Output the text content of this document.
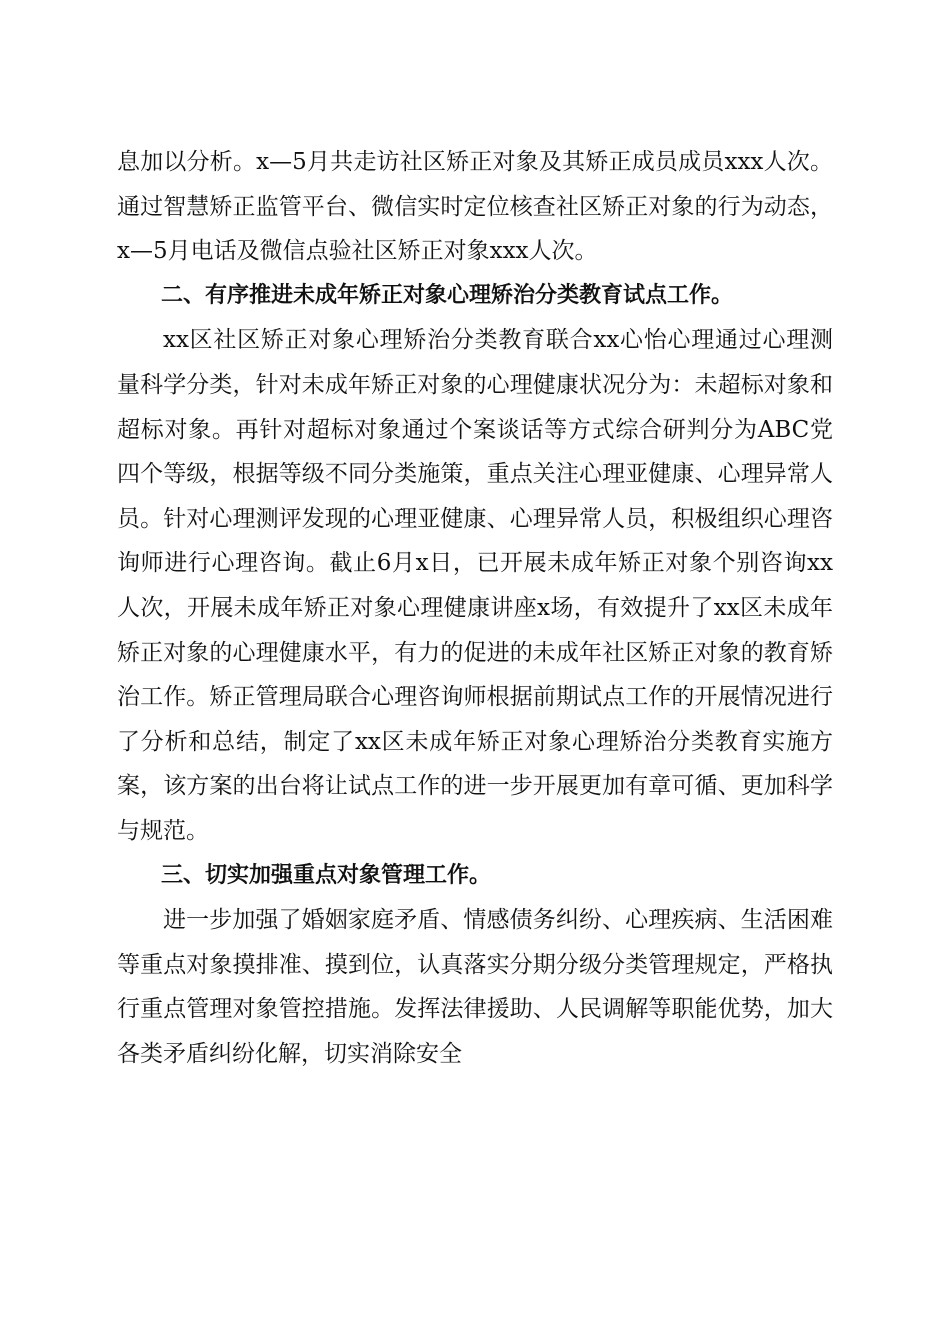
息加以分析。x—5月共走访社区矫正对象及其矫正成员成员xxx人次。通过智慧矫正监管平台、微信实时定位核查社区矫正对象的行为动态，x—5月电话及微信点验社区矫正对象xxx人次。

二、有序推进未成年矫正对象心理矫治分类教育试点工作。

xx区社区矫正对象心理矫治分类教育联合xx心怡心理通过心理测量科学分类，针对未成年矫正对象的心理健康状况分为：未超标对象和超标对象。再针对超标对象通过个案谈话等方式综合研判分为ABC党四个等级，根据等级不同分类施策，重点关注心理亚健康、心理异常人员。针对心理测评发现的心理亚健康、心理异常人员，积极组织心理咨询师进行心理咨询。截止6月x日，已开展未成年矫正对象个别咨询xx人次，开展未成年矫正对象心理健康讲座x场，有效提升了xx区未成年矫正对象的心理健康水平，有力的促进的未成年社区矫正对象的教育矫治工作。矫正管理局联合心理咨询师根据前期试点工作的开展情况进行了分析和总结，制定了xx区未成年矫正对象心理矫治分类教育实施方案，该方案的出台将让试点工作的进一步开展更加有章可循、更加科学与规范。

三、切实加强重点对象管理工作。

进一步加强了婚姻家庭矛盾、情感债务纠纷、心理疾病、生活困难等重点对象摸排准、摸到位，认真落实分期分级分类管理规定，严格执行重点管理对象管控措施。发挥法律援助、人民调解等职能优势，加大各类矛盾纠纷化解，切实消除安全
